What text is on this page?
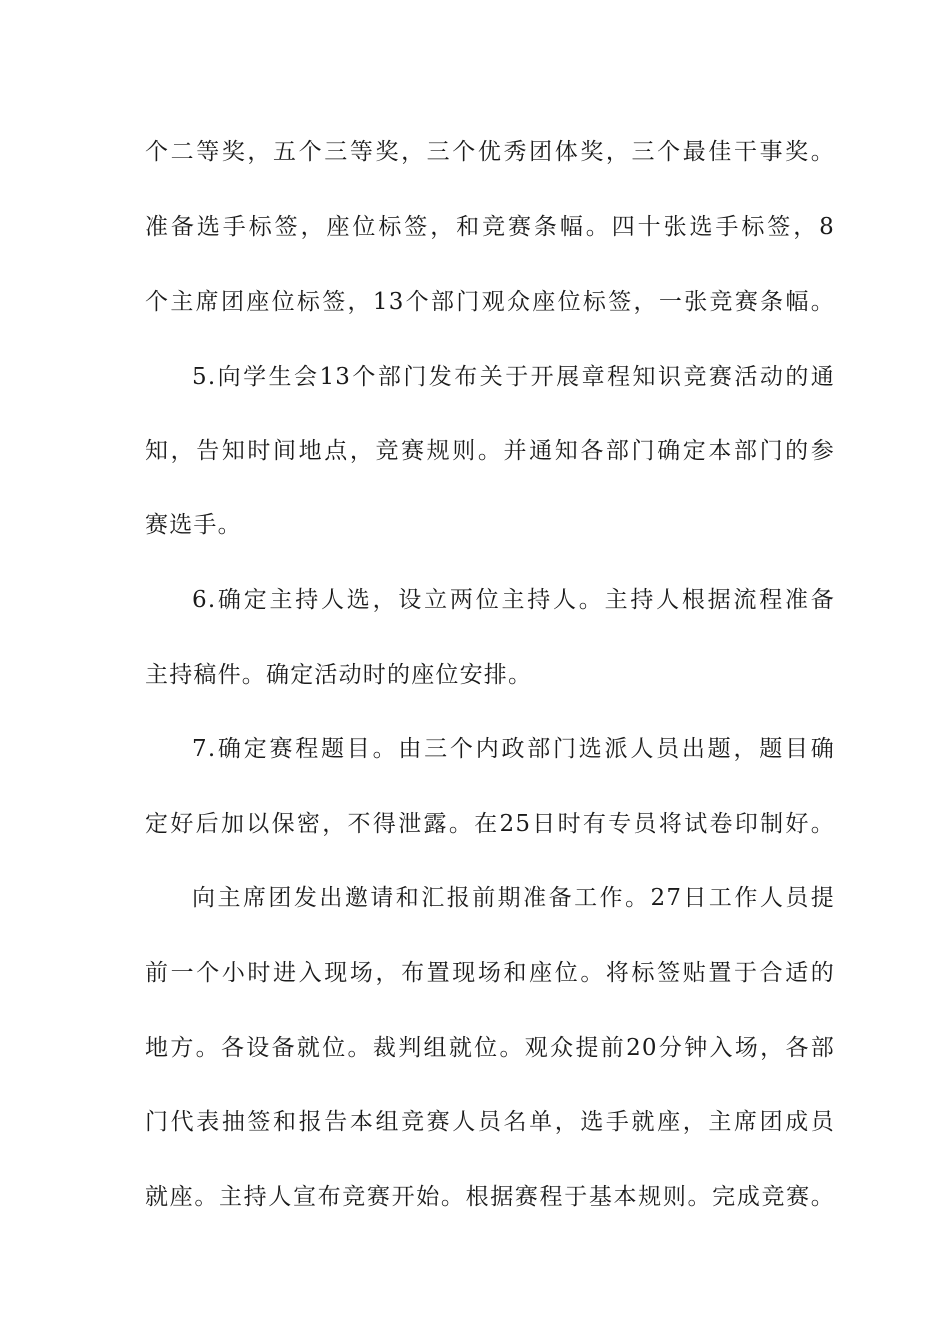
个二等奖，五个三等奖，三个优秀团体奖，三个最佳干事奖。
准备选手标签，座位标签，和竞赛条幅。四十张选手标签，8
个主席团座位标签，13个部门观众座位标签，一张竞赛条幅。
5.向学生会13个部门发布关于开展章程知识竞赛活动的通
知，告知时间地点，竞赛规则。并通知各部门确定本部门的参
赛选手。
6.确定主持人选，设立两位主持人。主持人根据流程准备
主持稿件。确定活动时的座位安排。
7.确定赛程题目。由三个内政部门选派人员出题，题目确
定好后加以保密，不得泄露。在25日时有专员将试卷印制好。
向主席团发出邀请和汇报前期准备工作。27日工作人员提
前一个小时进入现场，布置现场和座位。将标签贴置于合适的
地方。各设备就位。裁判组就位。观众提前20分钟入场，各部
门代表抽签和报告本组竞赛人员名单，选手就座，主席团成员
就座。主持人宣布竞赛开始。根据赛程于基本规则。完成竞赛。
